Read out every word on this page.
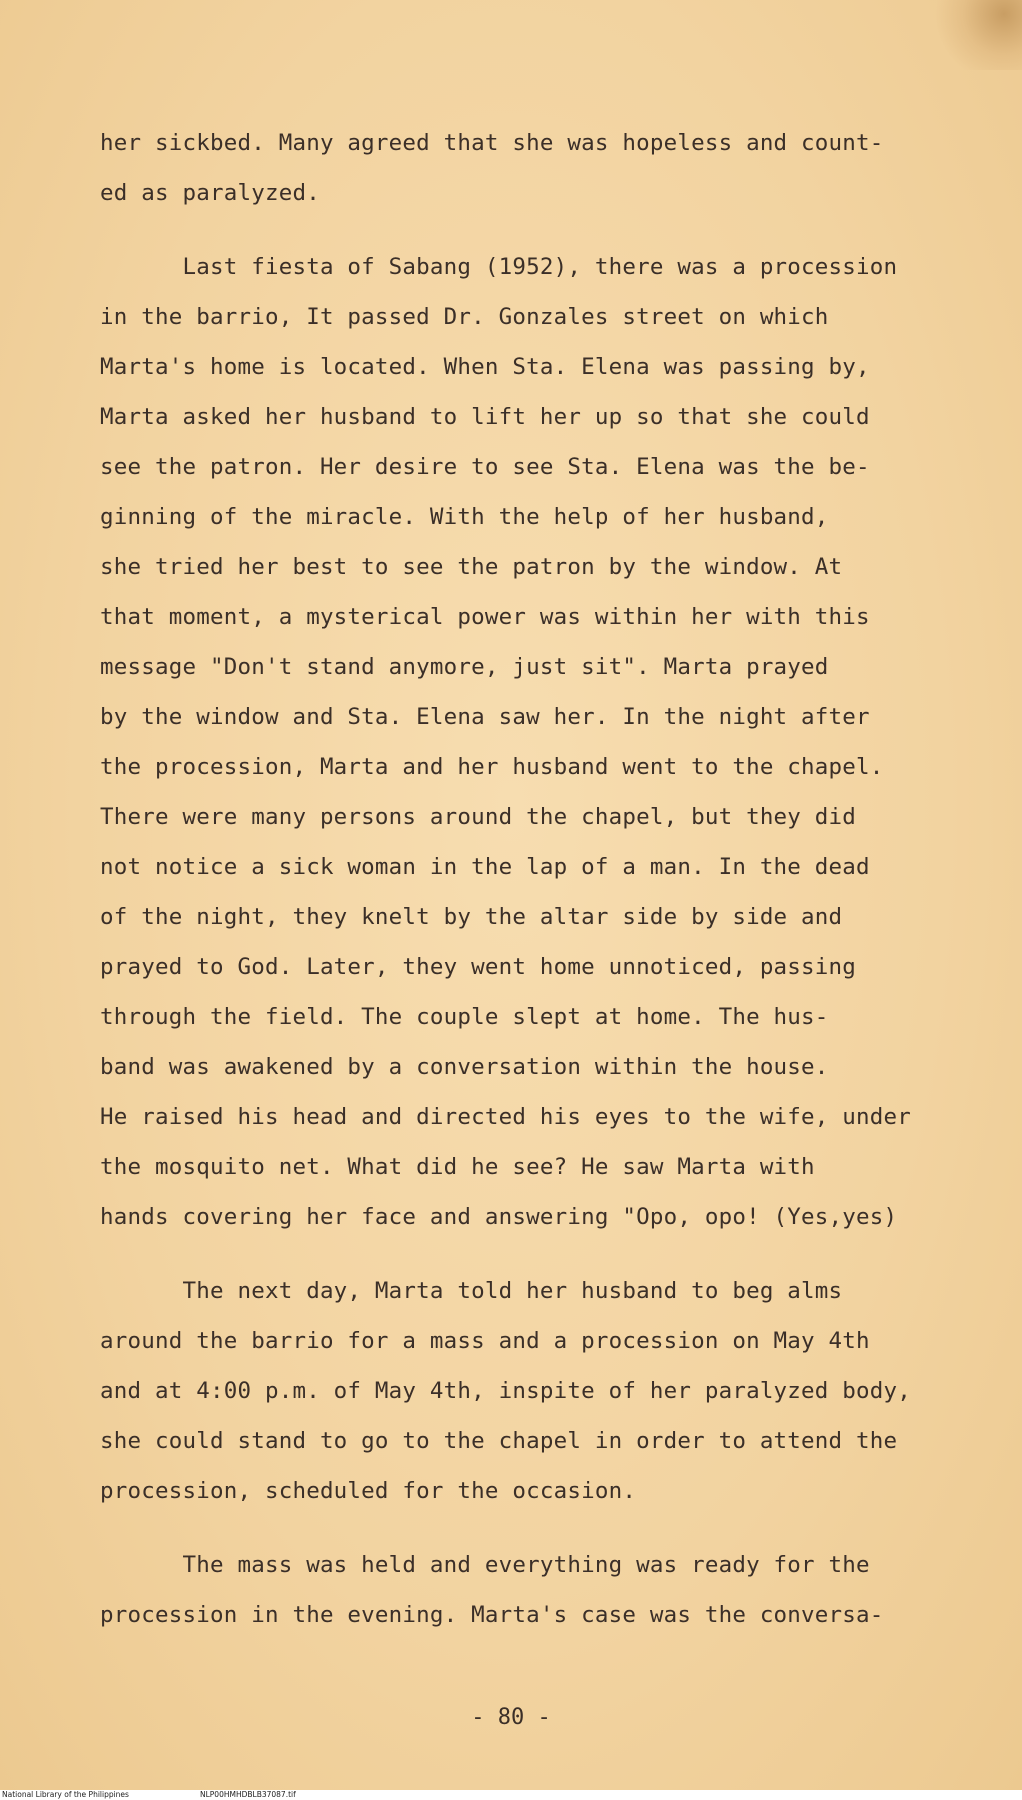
her sickbed. Many agreed that she was hopeless and count-
ed as paralyzed.
Last fiesta of Sabang (1952), there was a procession
in the barrio, It passed Dr. Gonzales street on which
Marta's home is located. When Sta. Elena was passing by,
Marta asked her husband to lift her up so that she could
see the patron. Her desire to see Sta. Elena was the be-
ginning of the miracle. With the help of her husband,
she tried her best to see the patron by the window. At
that moment, a mysterical power was within her with this
message "Don't stand anymore, just sit". Marta prayed
by the window and Sta. Elena saw her. In the night after
the procession, Marta and her husband went to the chapel.
There were many persons around the chapel, but they did
not notice a sick woman in the lap of a man. In the dead
of the night, they knelt by the altar side by side and
prayed to God. Later, they went home unnoticed, passing
through the field. The couple slept at home. The hus-
band was awakened by a conversation within the house.
He raised his head and directed his eyes to the wife, under
the mosquito net. What did he see? He saw Marta with
hands covering her face and answering "Opo, opo! (Yes,yes)
The next day, Marta told her husband to beg alms
around the barrio for a mass and a procession on May 4th
and at 4:00 p.m. of May 4th, inspite of her paralyzed body,
she could stand to go to the chapel in order to attend the
procession, scheduled for the occasion.
The mass was held and everything was ready for the
procession in the evening. Marta's case was the conversa-
- 80 -
National Library of the Philippines	NLP00HMHDBLB37087.tif
